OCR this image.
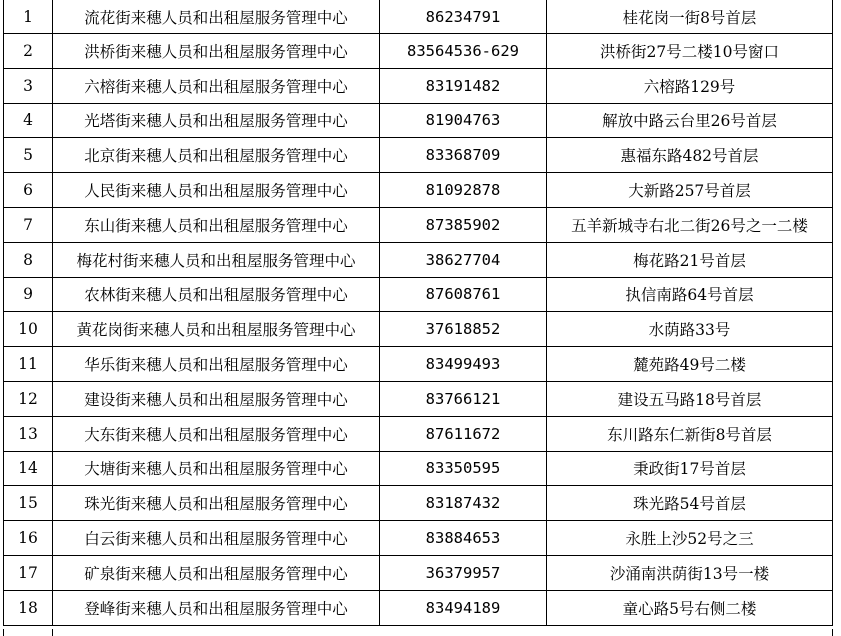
1	流花街来穗人员和出租屋服务管理中心	86234791	桂花岗一街8号首层
2	洪桥街来穗人员和出租屋服务管理中心	83564536-629	洪桥街27号二楼10号窗口
3	六榕街来穗人员和出租屋服务管理中心	83191482	六榕路129号
4	光塔街来穗人员和出租屋服务管理中心	81904763	解放中路云台里26号首层
5	北京街来穗人员和出租屋服务管理中心	83368709	惠福东路482号首层
6	人民街来穗人员和出租屋服务管理中心	81092878	大新路257号首层
7	东山街来穗人员和出租屋服务管理中心	87385902	五羊新城寺右北二街26号之一二楼
8	梅花村街来穗人员和出租屋服务管理中心	38627704	梅花路21号首层
9	农林街来穗人员和出租屋服务管理中心	87608761	执信南路64号首层
10	黄花岗街来穗人员和出租屋服务管理中心	37618852	水荫路33号
11	华乐街来穗人员和出租屋服务管理中心	83499493	麓苑路49号二楼
12	建设街来穗人员和出租屋服务管理中心	83766121	建设五马路18号首层
13	大东街来穗人员和出租屋服务管理中心	87611672	东川路东仁新街8号首层
14	大塘街来穗人员和出租屋服务管理中心	83350595	秉政街17号首层
15	珠光街来穗人员和出租屋服务管理中心	83187432	珠光路54号首层
16	白云街来穗人员和出租屋服务管理中心	83884653	永胜上沙52号之三
17	矿泉街来穗人员和出租屋服务管理中心	36379957	沙涌南洪荫街13号一楼
18	登峰街来穗人员和出租屋服务管理中心	83494189	童心路5号右侧二楼
